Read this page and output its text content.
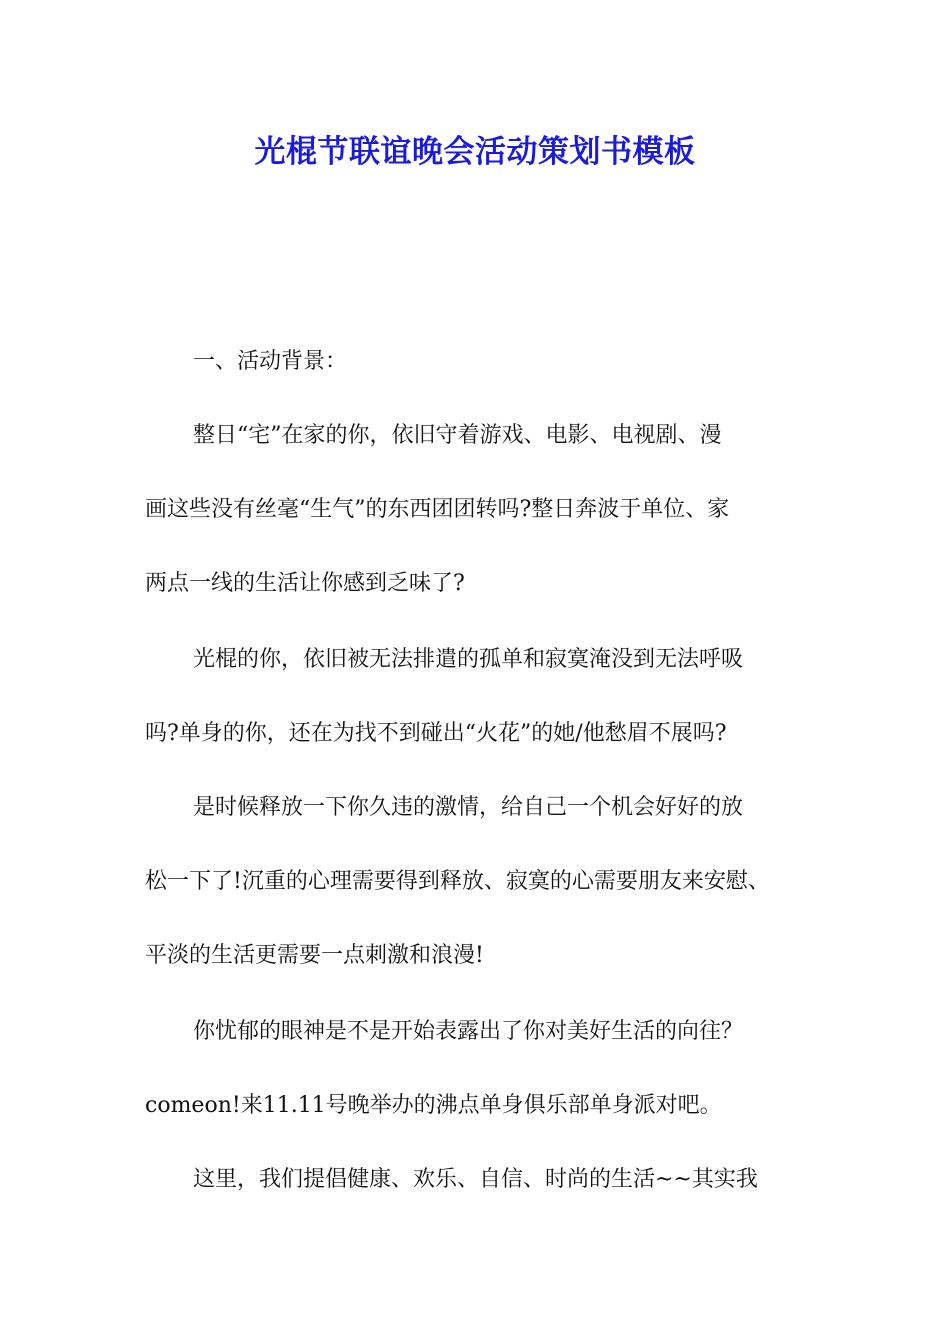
光棍节联谊晚会活动策划书模板
一、活动背景：
整日“宅”在家的你，依旧守着游戏、电影、电视剧、漫
画这些没有丝毫“生气”的东西团团转吗?整日奔波于单位、家
两点一线的生活让你感到乏味了?
光棍的你，依旧被无法排遣的孤单和寂寞淹没到无法呼吸
吗?单身的你，还在为找不到碰出“火花”的她/他愁眉不展吗?
是时候释放一下你久违的激情，给自己一个机会好好的放
松一下了!沉重的心理需要得到释放、寂寞的心需要朋友来安慰、
平淡的生活更需要一点刺激和浪漫!
你忧郁的眼神是不是开始表露出了你对美好生活的向往？
comeon!来11.11号晚举办的沸点单身俱乐部单身派对吧。
这里，我们提倡健康、欢乐、自信、时尚的生活~~其实我
